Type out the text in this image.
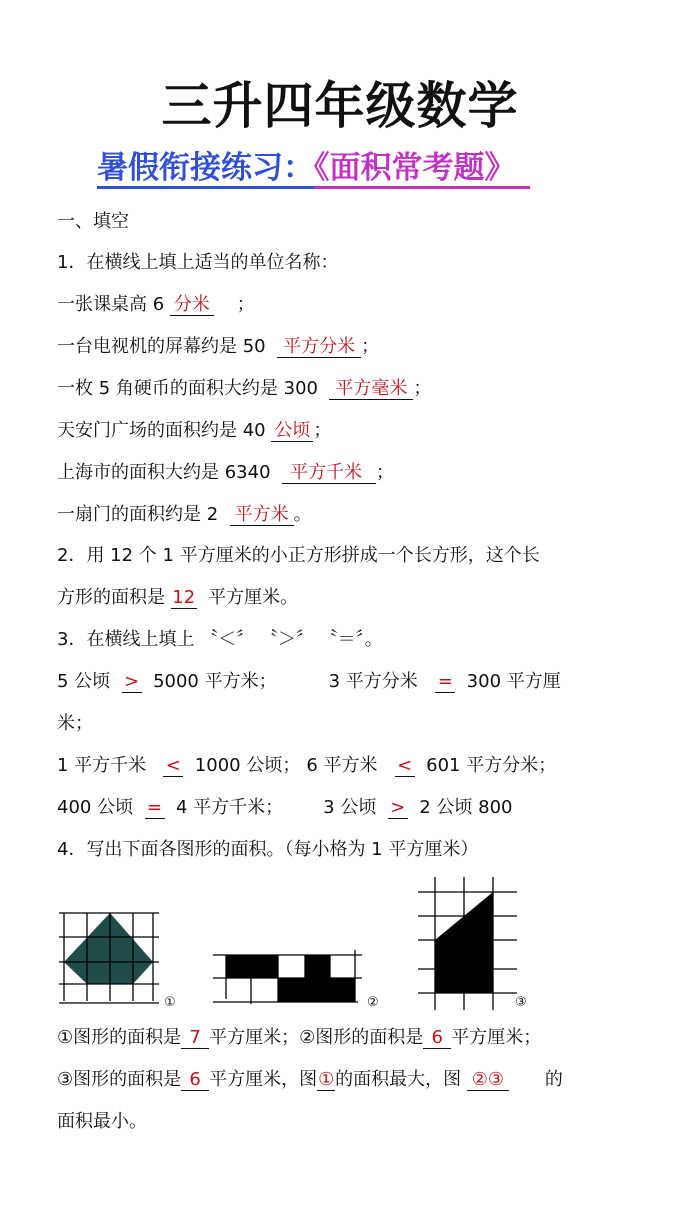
三升四年级数学
暑假衔接练习：《面积常考题》
一、填空
1．在横线上填上适当的单位名称：
一张课桌高 6 分米    ；
一台电视机的屏幕约是 50  平方分米 ；
一枚 5 角硬币的面积大约是 300  平方毫米 ；
天安门广场的面积约是 40 公顷 ；
上海市的面积大约是 6340  平方千米 ；
一扇门的面积约是 2  平方米 。
2．用 12 个 1 平方厘米的小正方形拼成一个长方形，这个长
方形的面积是 12  平方厘米。
3．在横线上填上 〝＜〞 〝＞〞 〝＝〞。
5 公顷  >  5000 平方米；	3 平方分米  =  300 平方厘
米；
1 平方千米   <  1000 公顷； 6 平方米   <  601 平方分米；
400 公顷  =  4 平方千米； 3 公顷  >  2 公顷 800
4．写出下面各图形的面积。（每小格为 1 平方厘米）
①	②	③
①图形的面积是 7 平方厘米；②图形的面积是 6 平方厘米；
③图形的面积是 6 平方厘米，图①的面积最大，图 ②③ 的
面积最小。
